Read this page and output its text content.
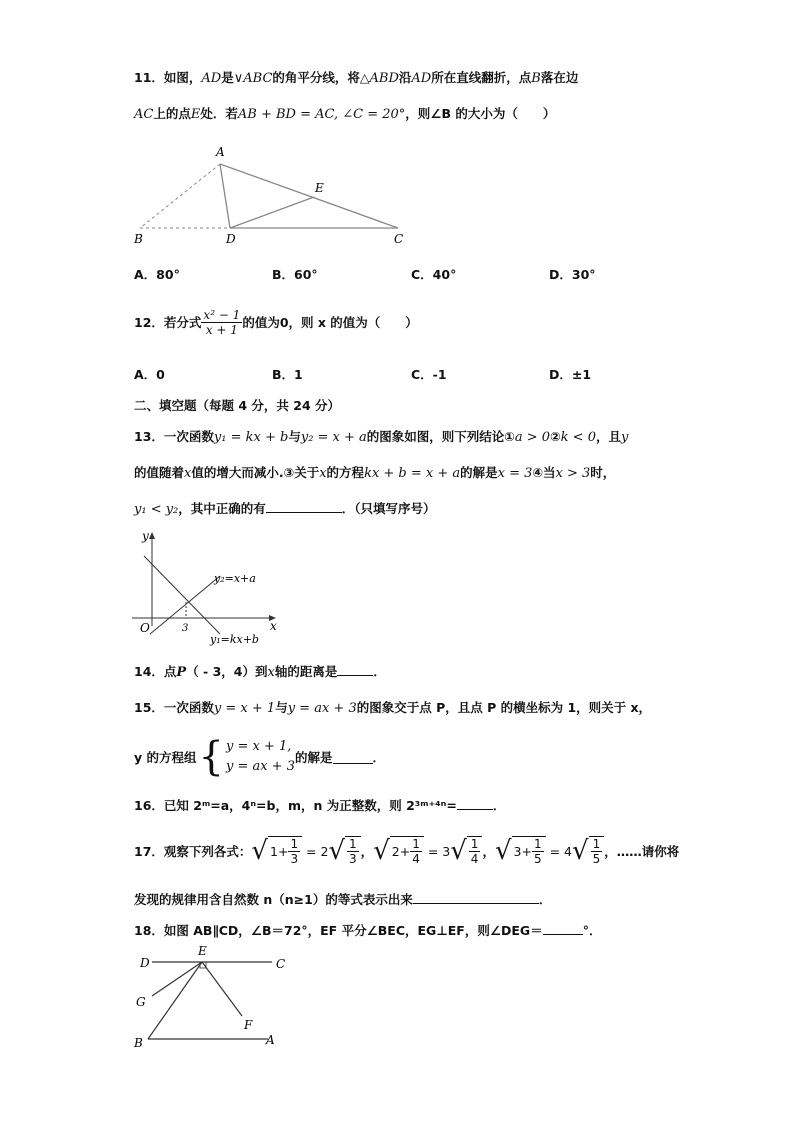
11．如图，AD是∨ABC的角平分线，将△ABD沿AD所在直线翻折，点B落在边
AC上的点E处．若AB + BD = AC, ∠C = 20°，则∠B 的大小为（　　）
A
B	D	C
E
A．80°	B．60°	C．40°	D．30°
12． 若分式 $\frac{\text{x² − 1}}{x + 1}$ 的值为0，则 x 的值为（　　）
A．0	B．1	C．-1	D．±1
二、填空题（每题 4 分，共 24 分）
13．一次函数y₁ = kx + b与y₂ = x + a的图象如图，则下列结论①a > 0②k < 0，且y
的值随着x值的增大而减小.③关于x的方程kx + b = x + a的解是x = 3④当x > 3时，
y₁ < y₂，其中正确的有	．（只填写序号）
y
x
O	3
y₂=x+a
y₁=kx+b
14．点P（ - 3，4）到x轴的距离是	．
15．一次函数y = x + 1与y = ax + 3的图象交于点 P，且点 P 的横坐标为 1，则关于 x，
y 的方程组 { y = x + 1,
y = ax + 3
的解是	．
16．已知 2ᵐ=a，4ⁿ=b，m，n 为正整数，则 2³ᵐ⁺⁴ⁿ=	．
17． 观察下列各式： √ $1 + \frac{1}{3} = 2$ √ $\frac{1}{3}$ ， √ $2 + \frac{1}{4} = 3$ √ $\frac{1}{4}$ ， √ $3 + \frac{1}{5} = 4$ √ $\frac{1}{5}$ ，……请你将
发现的规律用含自然数 n（n≥1）的等式表示出来	．
18．如图 AB∥CD，∠B＝72°，EF 平分∠BEC，EG⊥EF，则∠DEG＝	°．
D
E
C
G
F
B	A
